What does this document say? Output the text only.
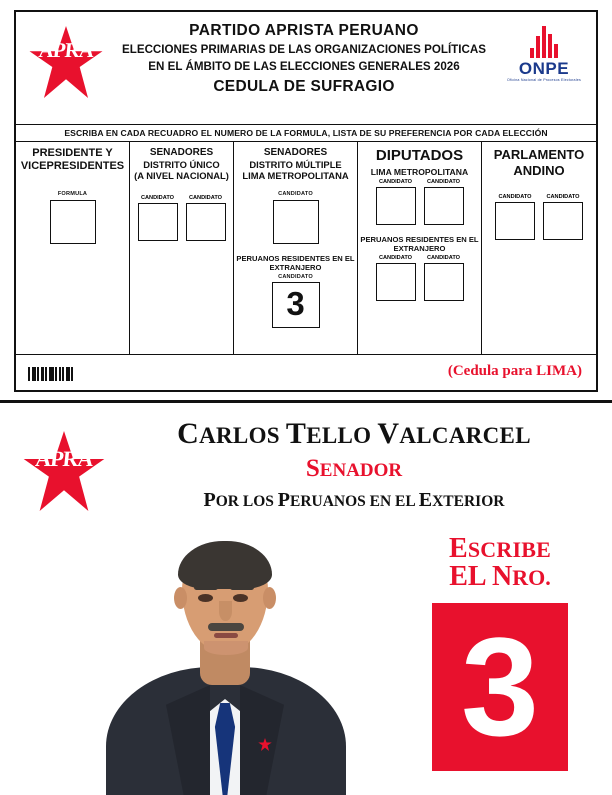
APRA
PARTIDO APRISTA PERUANO
ELECCIONES PRIMARIAS DE LAS ORGANIZACIONES POLÍTICAS
EN EL ÁMBITO DE LAS ELECCIONES GENERALES 2026
CEDULA DE SUFRAGIO
ONPE
Oficina Nacional de Procesos Electorales
ESCRIBA EN CADA RECUADRO EL NUMERO DE LA FORMULA, LISTA DE SU PREFERENCIA POR CADA ELECCIÓN
PRESIDENTE Y VICEPRESIDENTES
FORMULA
SENADORES
DISTRITO ÚNICO
(A NIVEL NACIONAL)
CANDIDATO	CANDIDATO
SENADORES
DISTRITO MÚLTIPLE
LIMA METROPOLITANA
CANDIDATO
PERUANOS RESIDENTES EN EL EXTRANJERO
CANDIDATO
3
DIPUTADOS
LIMA METROPOLITANA
CANDIDATO	CANDIDATO
PERUANOS RESIDENTES EN EL EXTRANJERO
CANDIDATO	CANDIDATO
PARLAMENTO
ANDINO
CANDIDATO	CANDIDATO
(Cedula para LIMA)
APRA
CARLOS TELLO VALCARCEL
SENADOR
POR LOS PERUANOS EN EL EXTERIOR
ESCRIBE
EL NRO.
3
